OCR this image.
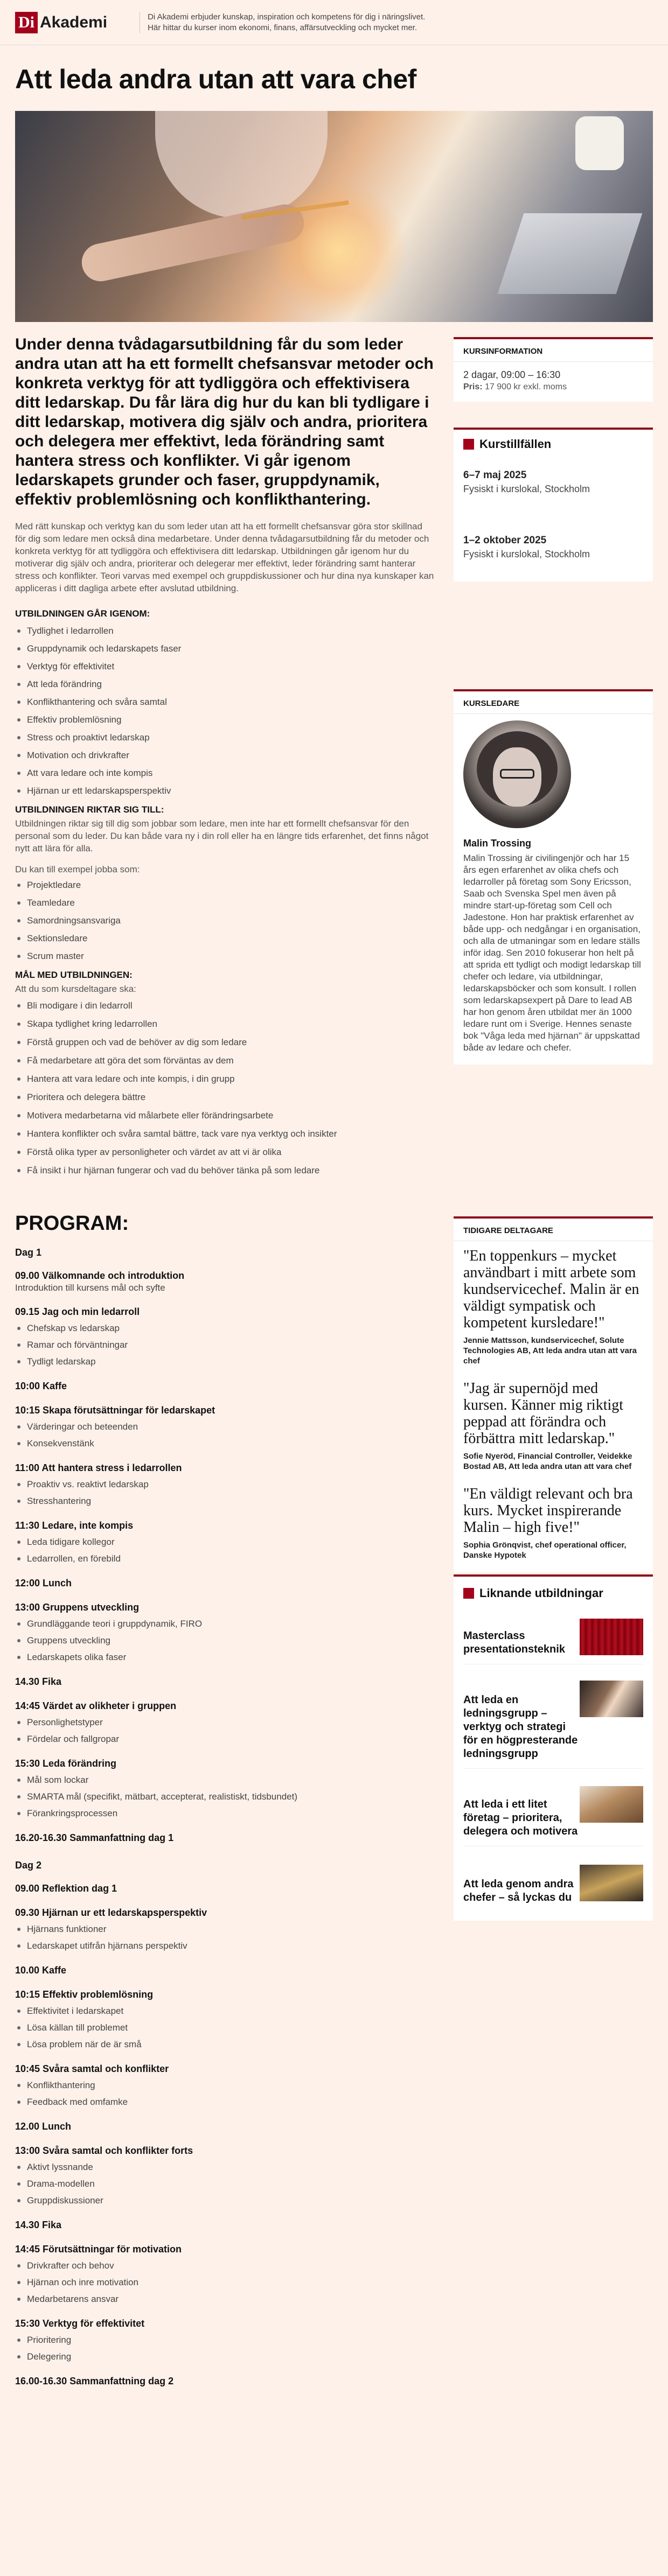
Di Akademi	Di Akademi erbjuder kunskap, inspiration och kompetens för dig i näringslivet.
Här hittar du kurser inom ekonomi, finans, affärsutveckling och mycket mer.
Att leda andra utan att vara chef

Under denna tvådagarsutbildning får du som leder andra utan att ha ett formellt chefsansvar metoder och konkreta verktyg för att tydliggöra och effektivisera ditt ledarskap. Du får lära dig hur du kan bli tydligare i ditt ledarskap, motivera dig själv och andra, prioritera och delegera mer effektivt, leda förändring samt hantera stress och konflikter. Vi går igenom ledarskapets grunder och faser, gruppdynamik, effektiv problemlösning och konflikthantering.

Med rätt kunskap och verktyg kan du som leder utan att ha ett formellt chefsansvar göra stor skillnad för dig som ledare men också dina medarbetare. Under denna tvådagarsutbildning får du metoder och konkreta verktyg för att tydliggöra och effektivisera ditt ledarskap. Utbildningen går igenom hur du motiverar dig själv och andra, prioriterar och delegerar mer effektivt, leder förändring samt hanterar stress och konflikter. Teori varvas med exempel och gruppdiskussioner och hur dina nya kunskaper kan appliceras i ditt dagliga arbete efter avslutad utbildning.

UTBILDNINGEN GÅR IGENOM:
Tydlighet i ledarrollen
Gruppdynamik och ledarskapets faser
Verktyg för effektivitet
Att leda förändring
Konflikthantering och svåra samtal
Effektiv problemlösning
Stress och proaktivt ledarskap
Motivation och drivkrafter
Att vara ledare och inte kompis
Hjärnan ur ett ledarskapsperspektiv
UTBILDNINGEN RIKTAR SIG TILL:

Utbildningen riktar sig till dig som jobbar som ledare, men inte har ett formellt chefsansvar för den personal som du leder. Du kan både vara ny i din roll eller ha en längre tids erfarenhet, det finns något nytt att lära för alla.

Du kan till exempel jobba som:

Projektledare
Teamledare
Samordningsansvariga
Sektionsledare
Scrum master
MÅL MED UTBILDNINGEN:

Att du som kursdeltagare ska:

Bli modigare i din ledarroll
Skapa tydlighet kring ledarrollen
Förstå gruppen och vad de behöver av dig som ledare
Få medarbetare att göra det som förväntas av dem
Hantera att vara ledare och inte kompis, i din grupp
Prioritera och delegera bättre
Motivera medarbetarna vid målarbete eller förändringsarbete
Hantera konflikter och svåra samtal bättre, tack vare nya verktyg och insikter
Förstå olika typer av personligheter och värdet av att vi är olika
Få insikt i hur hjärnan fungerar och vad du behöver tänka på som ledare
PROGRAM:
Dag 1
09.00 Välkomnande och introduktion
Introduktion till kursens mål och syfte
09.15 Jag och min ledarroll
Chefskap vs ledarskap
Ramar och förväntningar
Tydligt ledarskap
10:00 Kaffe
10:15 Skapa förutsättningar för ledarskapet
Värderingar och beteenden
Konsekvenstänk
11:00 Att hantera stress i ledarrollen
Proaktiv vs. reaktivt ledarskap
Stresshantering
11:30 Ledare, inte kompis
Leda tidigare kollegor
Ledarrollen, en förebild
12:00 Lunch
13:00 Gruppens utveckling
Grundläggande teori i gruppdynamik, FIRO
Gruppens utveckling
Ledarskapets olika faser
14.30 Fika
14:45 Värdet av olikheter i gruppen
Personlighetstyper
Fördelar och fallgropar
15:30 Leda förändring
Mål som lockar
SMARTA mål (specifikt, mätbart, accepterat, realistiskt, tidsbundet)
Förankringsprocessen
16.20-16.30 Sammanfattning dag 1
Dag 2
09.00 Reflektion dag 1
09.30 Hjärnan ur ett ledarskapsperspektiv
Hjärnans funktioner
Ledarskapet utifrån hjärnans perspektiv
10.00 Kaffe
10:15 Effektiv problemlösning
Effektivitet i ledarskapet
Lösa källan till problemet
Lösa problem när de är små
10:45 Svåra samtal och konflikter
Konflikthantering
Feedback med omfamke
12.00 Lunch
13:00 Svåra samtal och konflikter forts
Aktivt lyssnande
Drama-modellen
Gruppdiskussioner
14.30 Fika
14:45 Förutsättningar för motivation
Drivkrafter och behov
Hjärnan och inre motivation
Medarbetarens ansvar
15:30 Verktyg för effektivitet
Prioritering
Delegering
16.00-16.30 Sammanfattning dag 2
KURSINFORMATION
2 dagar, 09:00 – 16:30
Pris: 17 900 kr exkl. moms
Kurstillfällen
6–7 maj 2025
Fysiskt i kurslokal, Stockholm
1–2 oktober 2025
Fysiskt i kurslokal, Stockholm
KURSLEDARE
Malin Trossing

Malin Trossing är civilingenjör och har 15 års egen erfarenhet av olika chefs och ledarroller på företag som Sony Ericsson, Saab och Svenska Spel men även på mindre start-up-företag som Cell och Jadestone. Hon har praktisk erfarenhet av både upp- och nedgångar i en organisation, och alla de utmaningar som en ledare ställs inför idag. Sen 2010 fokuserar hon helt på att sprida ett tydligt och modigt ledarskap till chefer och ledare, via utbildningar, ledarskapsböcker och som konsult. I rollen som ledarskapsexpert på Dare to lead AB har hon genom åren utbildat mer än 1000 ledare runt om i Sverige. Hennes senaste bok "Våga leda med hjärnan" är uppskattad både av ledare och chefer.

TIDIGARE DELTAGARE
"En toppenkurs – mycket användbart i mitt arbete som kundservicechef. Malin är en väldigt sympatisk och kompetent kursledare!"
Jennie Mattsson, kundservicechef, Solute Technologies AB, Att leda andra utan att vara chef
"Jag är supernöjd med kursen. Känner mig riktigt peppad att förändra och förbättra mitt ledarskap."
Sofie Nyeröd, Financial Controller, Veidekke Bostad AB, Att leda andra utan att vara chef
"En väldigt relevant och bra kurs. Mycket inspirerande Malin – high five!"
Sophia Grönqvist, chef operational officer, Danske Hypotek
Liknande utbildningar
Masterclass presentationsteknik
Att leda en ledningsgrupp – verktyg och strategi för en högpresterande ledningsgrupp
Att leda i ett litet företag – prioritera, delegera och motivera
Att leda genom andra chefer – så lyckas du
